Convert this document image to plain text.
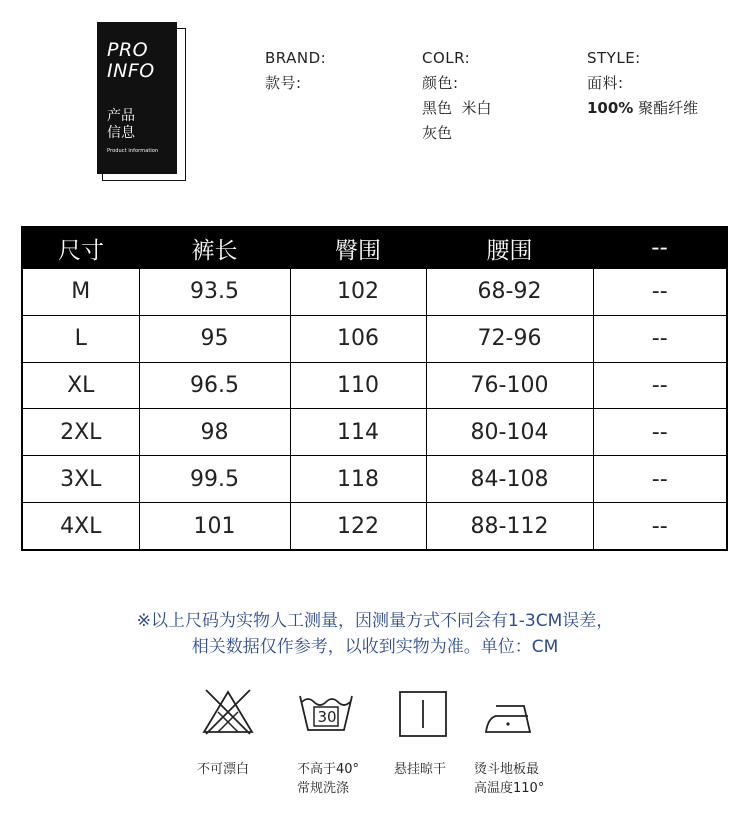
PRO
INFO
产品
信息
Product information
BRAND:
款号:
COLR:
颜色:
黑色  米白
灰色
STYLE:
面料:
100% 聚酯纤维
尺寸	裤长	臀围	腰围	--
M	93.5	102	68-92	--
L	95	106	72-96	--
XL	96.5	110	76-100	--
2XL	98	114	80-104	--
3XL	99.5	118	84-108	--
4XL	101	122	88-112	--
※以上尺码为实物人工测量，因测量方式不同会有1-3CM误差，
相关数据仅作参考，以收到实物为准。单位：CM
不可漂白
30
不高于40°
常规洗涤
悬挂晾干 烫斗地板最
高温度110°
